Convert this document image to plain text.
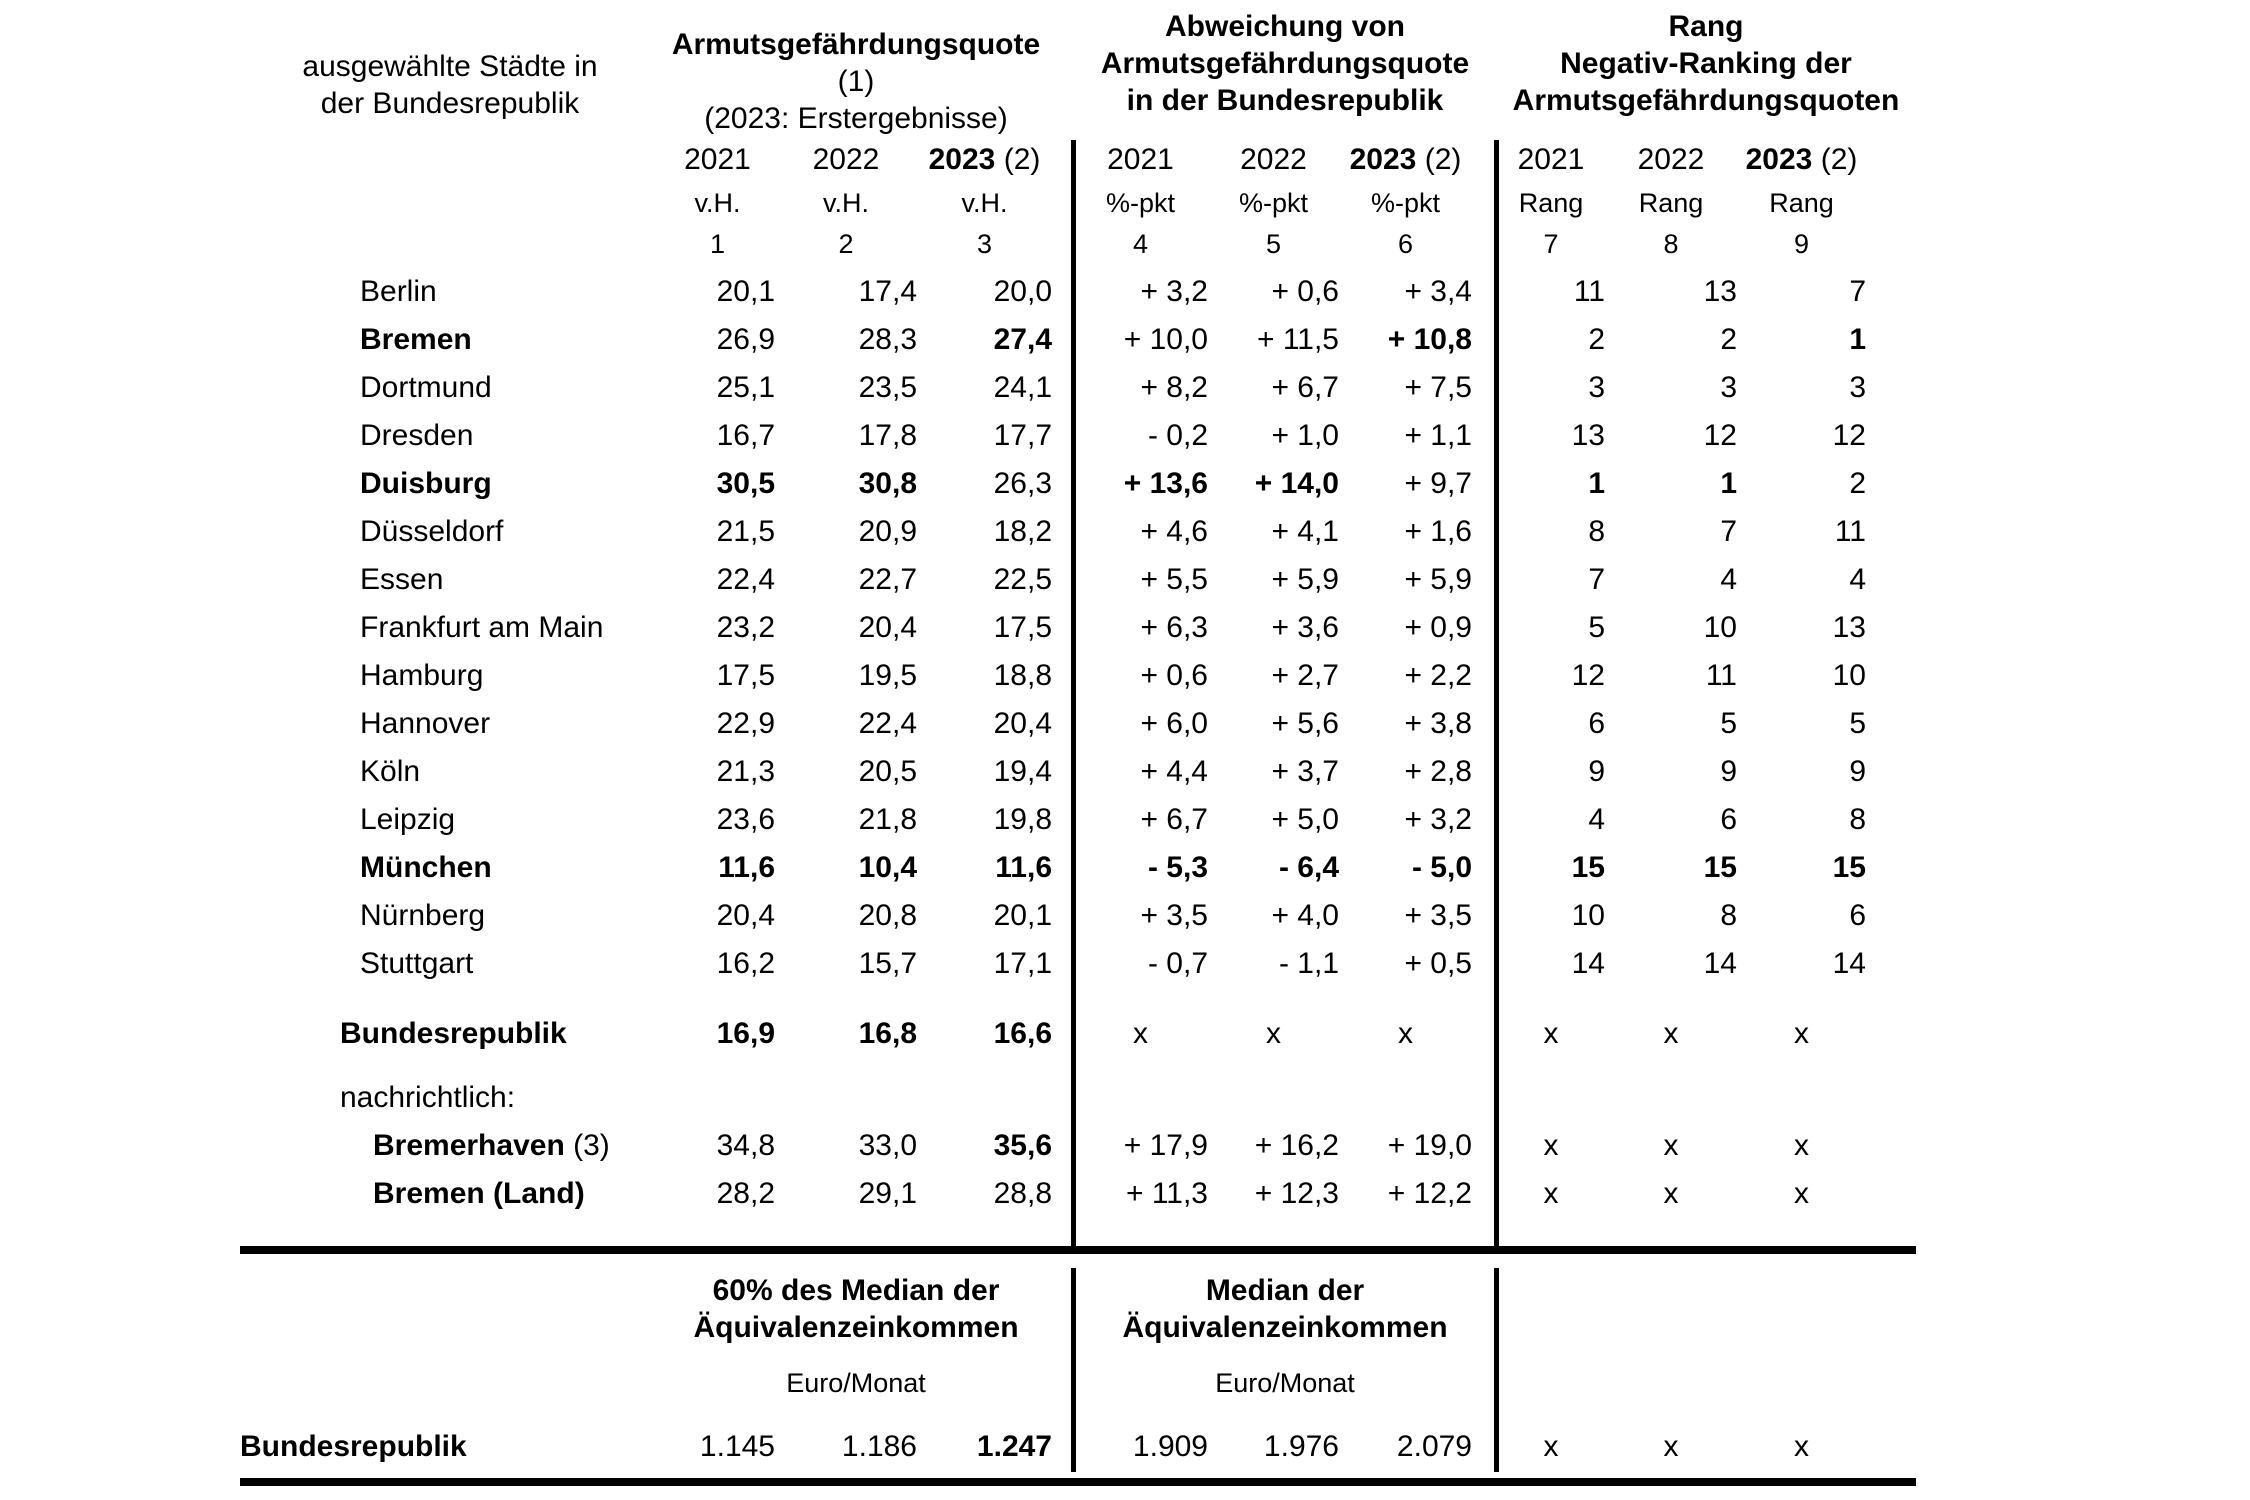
ausgewählte Städte in
der Bundesrepublik
Armutsgefährdungsquote (1)
(2023: Erstergebnisse)
Abweichung von
Armutsgefährdungsquote
in der Bundesrepublik
Rang
Negativ-Ranking der
Armutsgefährdungsquoten
2021	2022	2023 (2)	2021	2022	2023 (2)	2021	2022	2023 (2)
v.H.	v.H.	v.H.	%-pkt	%-pkt	%-pkt	Rang	Rang	Rang
1	2	3	4	5	6	7	8	9
Berlin	20,1	17,4	20,0	+ 3,2	+ 0,6	+ 3,4	11	13	7
Bremen	26,9	28,3	27,4	+ 10,0	+ 11,5	+ 10,8	2	2	1
Dortmund	25,1	23,5	24,1	+ 8,2	+ 6,7	+ 7,5	3	3	3
Dresden	16,7	17,8	17,7	- 0,2	+ 1,0	+ 1,1	13	12	12
Duisburg	30,5	30,8	26,3	+ 13,6	+ 14,0	+ 9,7	1	1	2
Düsseldorf	21,5	20,9	18,2	+ 4,6	+ 4,1	+ 1,6	8	7	11
Essen	22,4	22,7	22,5	+ 5,5	+ 5,9	+ 5,9	7	4	4
Frankfurt am Main	23,2	20,4	17,5	+ 6,3	+ 3,6	+ 0,9	5	10	13
Hamburg	17,5	19,5	18,8	+ 0,6	+ 2,7	+ 2,2	12	11	10
Hannover	22,9	22,4	20,4	+ 6,0	+ 5,6	+ 3,8	6	5	5
Köln	21,3	20,5	19,4	+ 4,4	+ 3,7	+ 2,8	9	9	9
Leipzig	23,6	21,8	19,8	+ 6,7	+ 5,0	+ 3,2	4	6	8
München	11,6	10,4	11,6	- 5,3	- 6,4	- 5,0	15	15	15
Nürnberg	20,4	20,8	20,1	+ 3,5	+ 4,0	+ 3,5	10	8	6
Stuttgart	16,2	15,7	17,1	- 0,7	- 1,1	+ 0,5	14	14	14
Bundesrepublik	16,9	16,8	16,6	x	x	x	x	x	x
nachrichtlich:
Bremerhaven (3)	34,8	33,0	35,6	+ 17,9	+ 16,2	+ 19,0	x	x	x
Bremen (Land)	28,2	29,1	28,8	+ 11,3	+ 12,3	+ 12,2	x	x	x
60% des Median der
Äquivalenzeinkommen
Median der
Äquivalenzeinkommen
Euro/Monat	Euro/Monat
Bundesrepublik	1.145	1.186	1.247	1.909	1.976	2.079	x	x	x
